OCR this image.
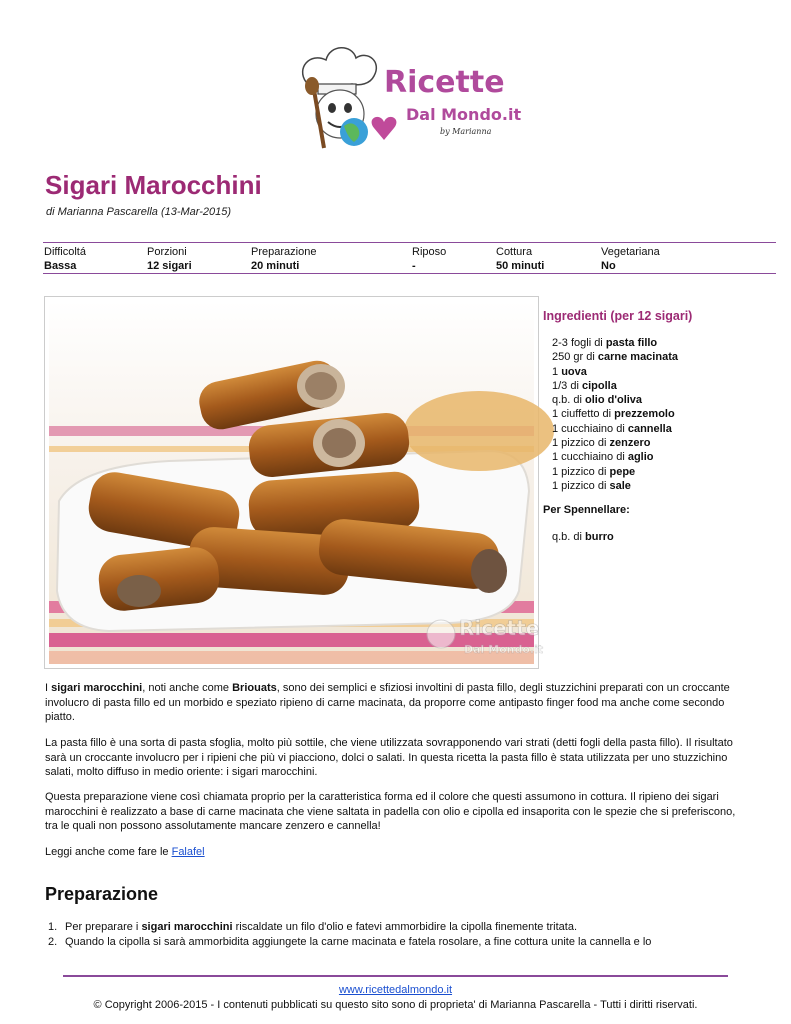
Ricette
Dal Mondo.it
by Marianna
Sigari Marocchini
di Marianna Pascarella (13-Mar-2015)
Difficoltá
Bassa
Porzioni
12 sigari
Preparazione
20 minuti
Riposo
-
Cottura
50 minuti
Vegetariana
No
Ricette
Dal Mondo.it
Ingredienti (per 12 sigari)
2-3 fogli di pasta fillo
250 gr di carne macinata
1 uova
1/3 di cipolla
q.b. di olio d'oliva
1 ciuffetto di prezzemolo
1 cucchiaino di cannella
1 pizzico di zenzero
1 cucchiaino di aglio
1 pizzico di pepe
1 pizzico di sale
Per Spennellare:
q.b. di burro

I sigari marocchini, noti anche come Briouats, sono dei semplici e sfiziosi involtini di pasta fillo, degli stuzzichini preparati con un croccante involucro di pasta fillo ed un morbido e speziato ripieno di carne macinata, da proporre come antipasto finger food ma anche come secondo piatto.

La pasta fillo è una sorta di pasta sfoglia, molto più sottile, che viene utilizzata sovrapponendo vari strati (detti fogli della pasta fillo). Il risultato sarà un croccante involucro per i ripieni che più vi piacciono, dolci o salati. In questa ricetta la pasta fillo è stata utilizzata per uno stuzzichino salati, molto diffuso in medio oriente: i sigari marocchini.

Questa preparazione viene così chiamata proprio per la caratteristica forma ed il colore che questi assumono in cottura. Il ripieno dei sigari marocchini è realizzato a base di carne macinata che viene saltata in padella con olio e cipolla ed insaporita con le spezie che si preferiscono, tra le quali non possono assolutamente mancare zenzero e cannella!

Leggi anche come fare le Falafel

Preparazione
1. Per preparare i sigari marocchini riscaldate un filo d'olio e fatevi ammorbidire la cipolla finemente tritata.
2. Quando la cipolla si sarà ammorbidita aggiungete la carne macinata e fatela rosolare, a fine cottura unite la cannella e lo
www.ricettedalmondo.it
© Copyright 2006-2015 - I contenuti pubblicati su questo sito sono di proprieta' di Marianna Pascarella - Tutti i diritti riservati.
